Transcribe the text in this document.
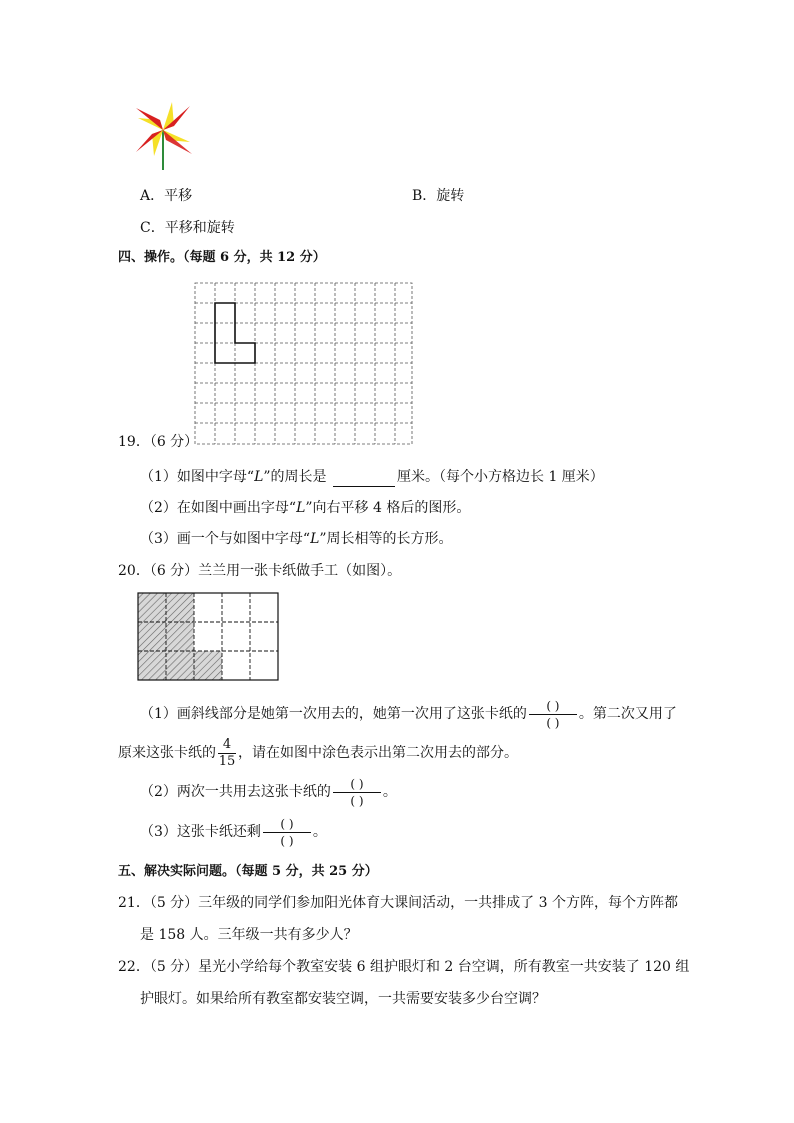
A．平移	B．旋转
C．平移和旋转
四、操作。（每题 6 分，共 12 分）
19．（6 分）
（1）如图中字母“L”的周长是	厘米。（每个小方格边长 1 厘米）
（2）在如图中画出字母“L”向右平移 4 格后的图形。
（3）画一个与如图中字母“L”周长相等的长方形。
20．（6 分）兰兰用一张卡纸做手工（如图）。
（1）画斜线部分是她第一次用去的，她第一次用了这张卡纸的 $\frac{( )}{( )}$ 。第二次又用了
原来这张卡纸的 $\frac{4}{15}$ ，请在如图中涂色表示出第二次用去的部分。
（2）两次一共用去这张卡纸的 $\frac{( )}{( )}$ 。
（3）这张卡纸还剩 $\frac{( )}{( )}$ 。
五、解决实际问题。（每题 5 分，共 25 分）
21．（5 分）三年级的同学们参加阳光体育大课间活动，一共排成了 3 个方阵，每个方阵都
是 158 人。三年级一共有多少人？
22．（5 分）星光小学给每个教室安装 6 组护眼灯和 2 台空调，所有教室一共安装了 120 组
护眼灯。如果给所有教室都安装空调，一共需要安装多少台空调？
